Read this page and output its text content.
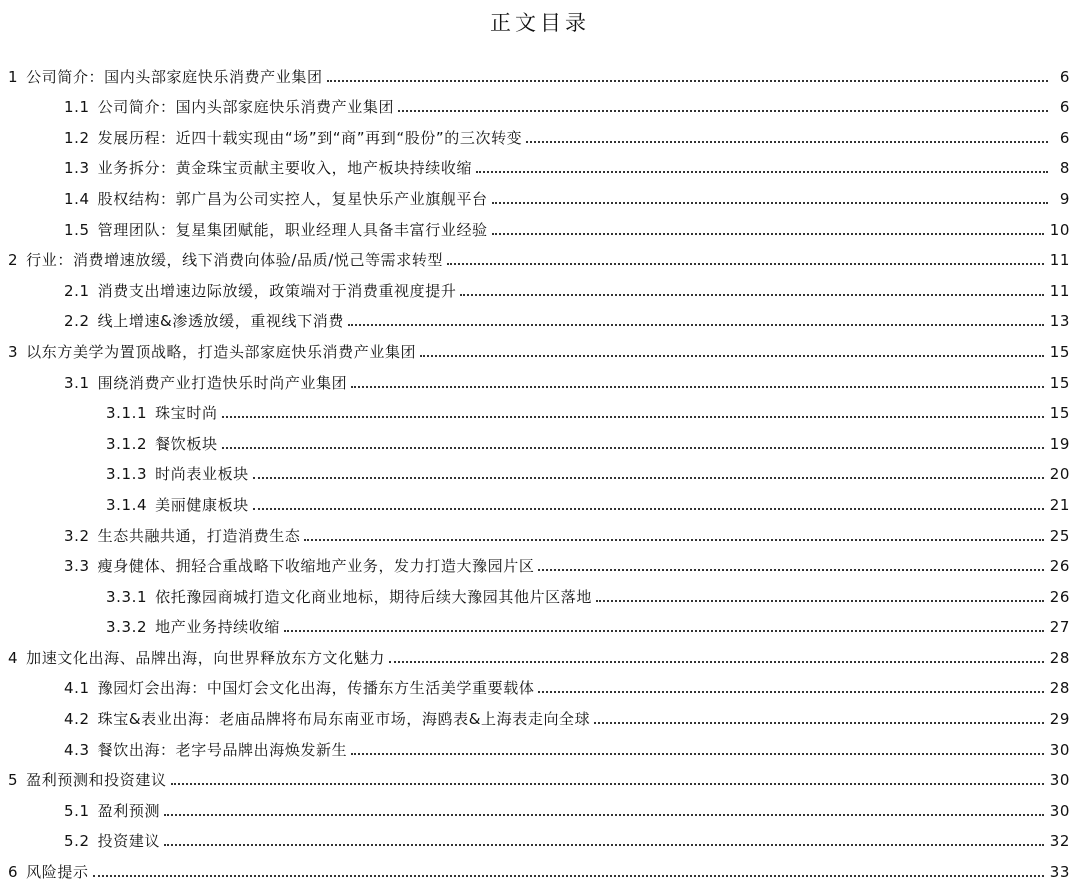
正文目录
1 公司简介：国内头部家庭快乐消费产业集团	6
1.1 公司简介：国内头部家庭快乐消费产业集团	6
1.2 发展历程：近四十载实现由“场”到“商”再到“股份”的三次转变	6
1.3 业务拆分：黄金珠宝贡献主要收入，地产板块持续收缩	8
1.4 股权结构：郭广昌为公司实控人，复星快乐产业旗舰平台	9
1.5 管理团队：复星集团赋能，职业经理人具备丰富行业经验	10
2 行业：消费增速放缓，线下消费向体验/品质/悦己等需求转型	11
2.1 消费支出增速边际放缓，政策端对于消费重视度提升	11
2.2 线上增速&渗透放缓，重视线下消费	13
3 以东方美学为置顶战略，打造头部家庭快乐消费产业集团	15
3.1 围绕消费产业打造快乐时尚产业集团	15
3.1.1 珠宝时尚	15
3.1.2 餐饮板块	19
3.1.3 时尚表业板块	20
3.1.4 美丽健康板块	21
3.2 生态共融共通，打造消费生态	25
3.3 瘦身健体、拥轻合重战略下收缩地产业务，发力打造大豫园片区	26
3.3.1 依托豫园商城打造文化商业地标，期待后续大豫园其他片区落地	26
3.3.2 地产业务持续收缩	27
4 加速文化出海、品牌出海，向世界释放东方文化魅力	28
4.1 豫园灯会出海：中国灯会文化出海，传播东方生活美学重要载体	28
4.2 珠宝&表业出海：老庙品牌将布局东南亚市场，海鸥表&上海表走向全球	29
4.3 餐饮出海：老字号品牌出海焕发新生	30
5 盈利预测和投资建议	30
5.1 盈利预测	30
5.2 投资建议	32
6 风险提示	33
